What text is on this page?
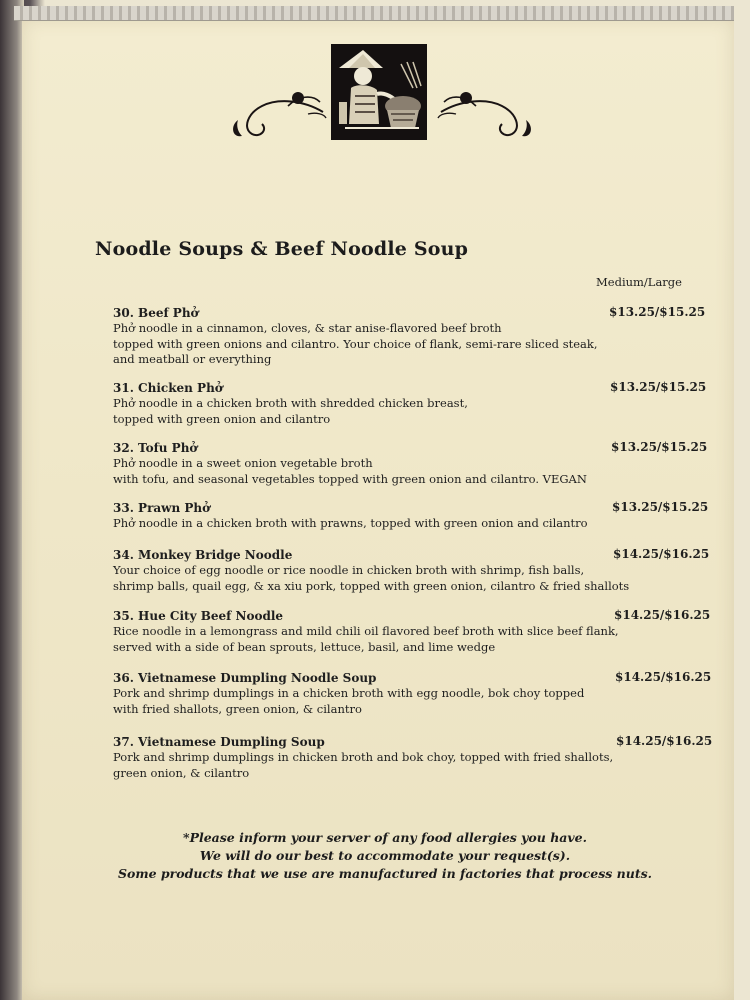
Noodle Soups & Beef Noodle Soup
Medium/Large
30. Beef Phở
Phở noodle in a cinnamon, cloves, & star anise-flavored beef broth
topped with green onions and cilantro. Your choice of flank, semi-rare sliced steak,
and meatball or everything
$13.25/$15.25
31. Chicken Phở
Phở noodle in a chicken broth with shredded chicken breast,
topped with green onion and cilantro
$13.25/$15.25
32. Tofu Phở
Phở noodle in a sweet onion vegetable broth
with tofu, and seasonal vegetables topped with green onion and cilantro. VEGAN
$13.25/$15.25
33. Prawn Phở
Phở noodle in a chicken broth with prawns, topped with green onion and cilantro
$13.25/$15.25
34. Monkey Bridge Noodle
Your choice of egg noodle or rice noodle in chicken broth with shrimp, fish balls,
shrimp balls, quail egg, & xa xiu pork, topped with green onion, cilantro & fried shallots
$14.25/$16.25
35. Hue City Beef Noodle
Rice noodle in a lemongrass and mild chili oil flavored beef broth with slice beef flank,
served with a side of bean sprouts, lettuce, basil, and lime wedge
$14.25/$16.25
36. Vietnamese Dumpling Noodle Soup
Pork and shrimp dumplings in a chicken broth with egg noodle, bok choy topped
with fried shallots, green onion, & cilantro
$14.25/$16.25
37. Vietnamese Dumpling Soup
Pork and shrimp dumplings in chicken broth and bok choy, topped with fried shallots,
green onion, & cilantro
$14.25/$16.25
*Please inform your server of any food allergies you have.
We will do our best to accommodate your request(s).
Some products that we use are manufactured in factories that process nuts.
